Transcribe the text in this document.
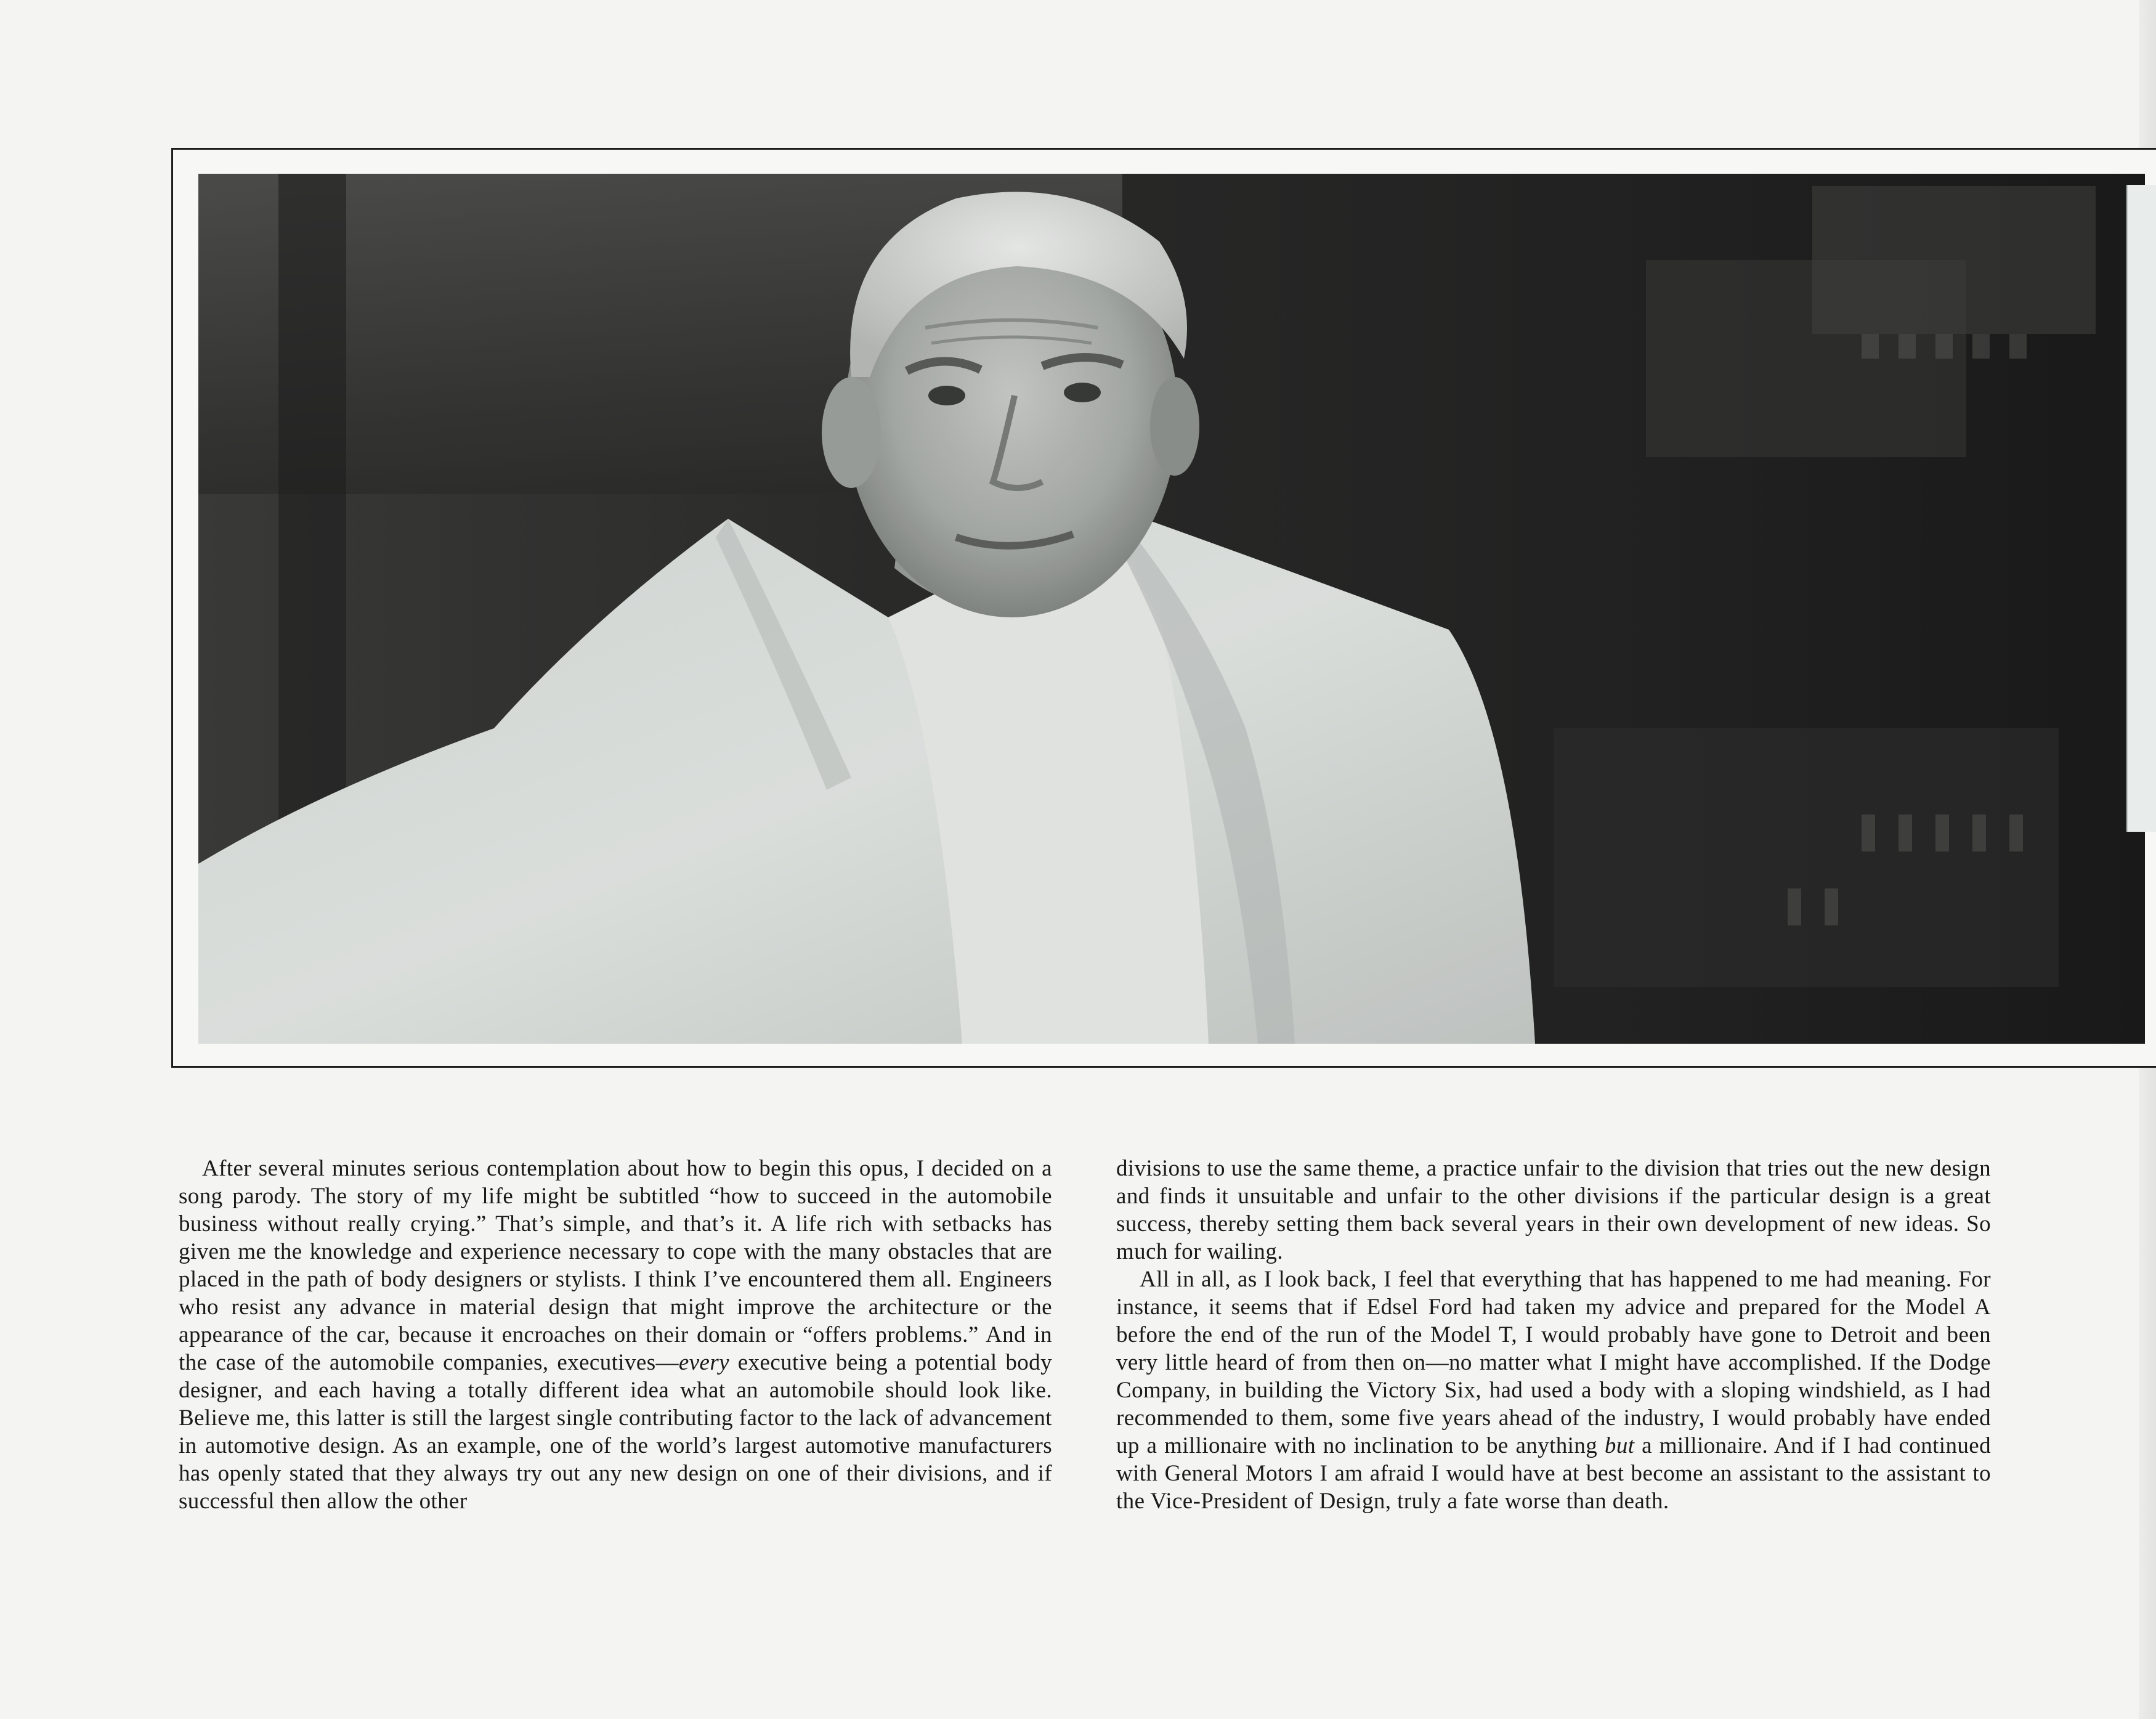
After several minutes serious contemplation about how to begin this opus, I decided on a song parody. The story of my life might be subtitled “how to succeed in the automobile business without really crying.” That’s simple, and that’s it. A life rich with setbacks has given me the knowledge and experience necessary to cope with the many obstacles that are placed in the path of body designers or stylists. I think I’ve encountered them all. Engineers who resist any advance in material design that might improve the architecture or the appearance of the car, because it encroaches on their domain or “offers problems.” And in the case of the automobile companies, executives—every executive being a potential body designer, and each having a totally different idea what an automobile should look like. Believe me, this latter is still the largest single contributing factor to the lack of advancement in automotive design. As an example, one of the world’s largest automotive manufacturers has openly stated that they always try out any new design on one of their divisions, and if successful then allow the other

divisions to use the same theme, a practice unfair to the division that tries out the new design and finds it unsuitable and unfair to the other divisions if the particular design is a great success, thereby setting them back several years in their own development of new ideas. So much for wailing.

All in all, as I look back, I feel that everything that has happened to me had meaning. For instance, it seems that if Edsel Ford had taken my advice and prepared for the Model A before the end of the run of the Model T, I would probably have gone to Detroit and been very little heard of from then on—no matter what I might have accomplished. If the Dodge Company, in building the Victory Six, had used a body with a sloping windshield, as I had recommended to them, some five years ahead of the industry, I would probably have ended up a millionaire with no inclination to be anything but a millionaire. And if I had continued with General Motors I am afraid I would have at best become an assistant to the assistant to the Vice-President of Design, truly a fate worse than death.
